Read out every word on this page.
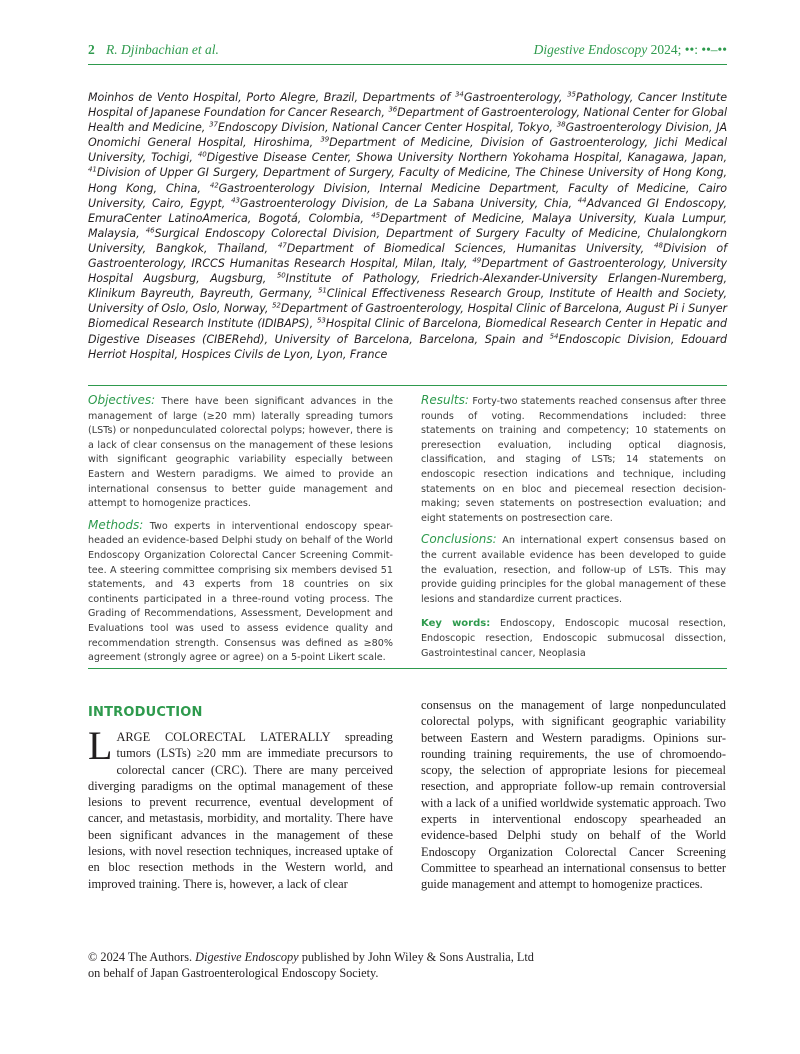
2 R. Djinbachian et al.	Digestive Endoscopy 2024; ••: ••–••
Moinhos de Vento Hospital, Porto Alegre, Brazil, Departments of $^{34}$Gastroenterology, $^{35}$Pathology, Cancer Institute Hospital of Japanese Foundation for Cancer Research, $^{36}$Department of Gastroenterology, National Center for Global Health and Medicine, $^{37}$Endoscopy Division, National Cancer Center Hospital, Tokyo, $^{38}$Gastroenterology Division, JA Onomichi General Hospital, Hiroshima, $^{39}$Department of Medicine, Division of Gastroenterology, Jichi Medical University, Tochigi, $^{40}$Digestive Disease Center, Showa University Northern Yokohama Hospital, Kanagawa, Japan, $^{41}$Division of Upper GI Surgery, Department of Surgery, Faculty of Medicine, The Chinese University of Hong Kong, Hong Kong, China, $^{42}$Gastroenterology Division, Internal Medicine Department, Faculty of Medicine, Cairo University, Cairo, Egypt, $^{43}$Gastroenterology Division, de La Sabana University, Chia, $^{44}$Advanced GI Endoscopy, EmuraCenter LatinoAmerica, Bogotá, Colombia, $^{45}$Department of Medicine, Malaya University, Kuala Lumpur, Malaysia, $^{46}$Surgical Endoscopy Colorectal Division, Department of Surgery Faculty of Medicine, Chulalongkorn University, Bangkok, Thailand, $^{47}$Department of Biomedical Sciences, Humanitas University, $^{48}$Division of Gastroenterology, IRCCS Humanitas Research Hospital, Milan, Italy, $^{49}$Department of Gastroenterology, University Hospital Augsburg, Augsburg, $^{50}$Institute of Pathology, Friedrich-Alexander-University Erlangen-Nuremberg, Klinikum Bayreuth, Bayreuth, Germany, $^{51}$Clinical Effectiveness Research Group, Institute of Health and Society, University of Oslo, Oslo, Norway, $^{52}$Department of Gastroenterology, Hospital Clinic of Barcelona, August Pi i Sunyer Biomedical Research Institute (IDIBAPS), $^{53}$Hospital Clinic of Barcelona, Biomedical Research Center in Hepatic and Digestive Diseases (CIBERehd), University of Barcelona, Barcelona, Spain and $^{54}$Endoscopic Division, Edouard Herriot Hospital, Hospices Civils de Lyon, Lyon, France

Objectives: There have been significant advances in the management of large (≥20 mm) laterally spreading tumors (LSTs) or nonpedunculated colorectal polyps; however, there is a lack of clear consensus on the management of these lesions with significant geographic variability especially between Eastern and Western paradigms. We aimed to provide an international consensus to better guide management and attempt to homogenize practices.

Methods: Two experts in interventional endoscopy spear-headed an evidence-based Delphi study on behalf of the World Endoscopy Organization Colorectal Cancer Screening Commit-tee. A steering committee comprising six members devised 51 statements, and 43 experts from 18 countries on six continents participated in a three-round voting process. The Grading of Recommendations, Assessment, Development and Evaluations tool was used to assess evidence quality and recommendation strength. Consensus was defined as ≥80% agreement (strongly agree or agree) on a 5-point Likert scale.

Results: Forty-two statements reached consensus after three rounds of voting. Recommendations included: three statements on training and competency; 10 statements on preresection evaluation, including optical diagnosis, classification, and staging of LSTs; 14 statements on endoscopic resection indications and technique, including statements on en bloc and piecemeal resection decision-making; seven statements on postresection evaluation; and eight statements on postresection care.

Conclusions: An international expert consensus based on the current available evidence has been developed to guide the evaluation, resection, and follow-up of LSTs. This may provide guiding principles for the global management of these lesions and standardize current practices.

Key words: Endoscopy, Endoscopic mucosal resection, Endoscopic resection, Endoscopic submucosal dissection, Gastrointestinal cancer, Neoplasia

INTRODUCTION
LARGE COLORECTAL LATERALLY spreading tumors (LSTs) ≥20 mm are immediate precursors to colorectal cancer (CRC). There are many perceived diverging paradigms on the optimal management of these lesions to prevent recurrence, eventual development of cancer, and metastasis, morbidity, and mortality. There have been significant advances in the management of these lesions, with novel resection techniques, increased uptake of en bloc resection methods in the Western world, and improved training. There is, however, a lack of clear
consensus on the management of large nonpedunculated colorectal polyps, with significant geographic variability between Eastern and Western paradigms. Opinions sur-rounding training requirements, the use of chromoendo-scopy, the selection of appropriate lesions for piecemeal resection, and appropriate follow-up remain controversial with a lack of a unified worldwide systematic approach. Two experts in interventional endoscopy spearheaded an evidence-based Delphi study on behalf of the World Endoscopy Organization Colorectal Cancer Screening Committee to spearhead an international consensus to better guide management and attempt to homogenize practices.
© 2024 The Authors. Digestive Endoscopy published by John Wiley & Sons Australia, Ltd
on behalf of Japan Gastroenterological Endoscopy Society.
